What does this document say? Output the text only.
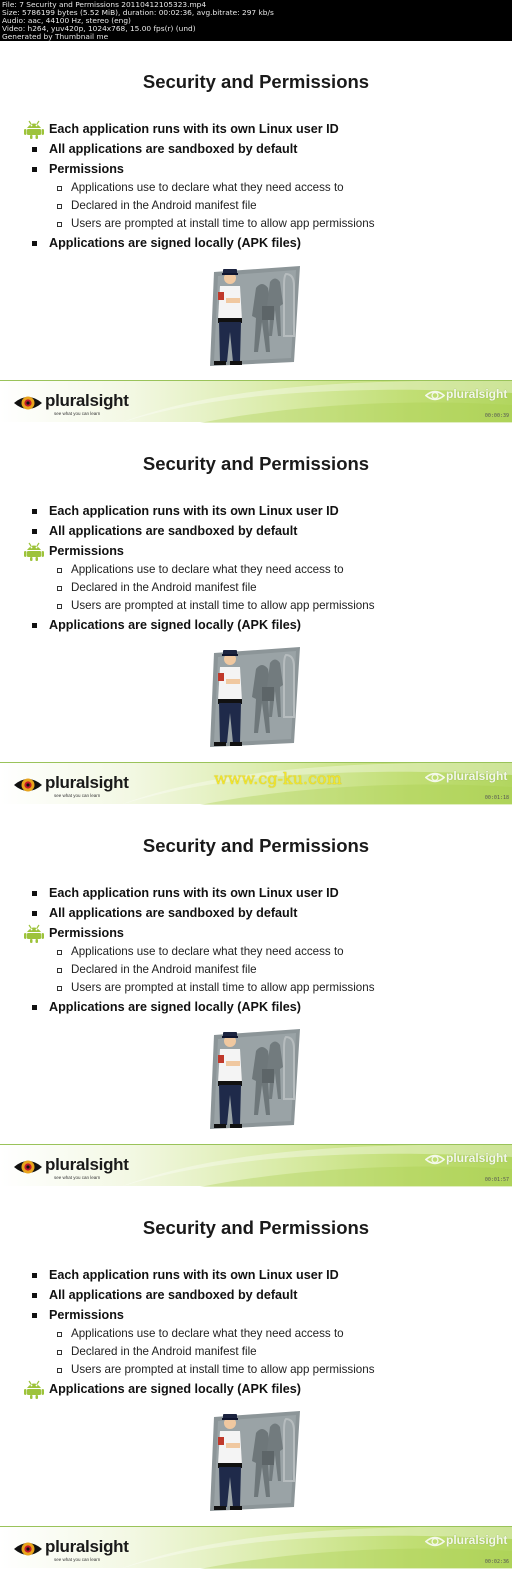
File: 7 Security and Permissions 20110412105323.mp4
Size: 5786199 bytes (5.52 MiB), duration: 00:02:36, avg.bitrate: 297 kb/s
Audio: aac, 44100 Hz, stereo (eng)
Video: h264, yuv420p, 1024x768, 15.00 fps(r) (und)
Generated by Thumbnail me
Security and Permissions
Each application runs with its own Linux user ID
All applications are sandboxed by default
Permissions
Applications use to declare what they need access to
Declared in the Android manifest file
Users are prompted at install time to allow app permissions
Applications are signed locally (APK files)
pluralsight
see what you can learn
pluralsight
00:00:39
Security and Permissions
Each application runs with its own Linux user ID
All applications are sandboxed by default
Permissions
Applications use to declare what they need access to
Declared in the Android manifest file
Users are prompted at install time to allow app permissions
Applications are signed locally (APK files)
pluralsight
see what you can learn
pluralsight
00:01:18
www.cg-ku.com
Security and Permissions
Each application runs with its own Linux user ID
All applications are sandboxed by default
Permissions
Applications use to declare what they need access to
Declared in the Android manifest file
Users are prompted at install time to allow app permissions
Applications are signed locally (APK files)
pluralsight
see what you can learn
pluralsight
00:01:57
Security and Permissions
Each application runs with its own Linux user ID
All applications are sandboxed by default
Permissions
Applications use to declare what they need access to
Declared in the Android manifest file
Users are prompted at install time to allow app permissions
Applications are signed locally (APK files)
pluralsight
see what you can learn
pluralsight
00:02:36
